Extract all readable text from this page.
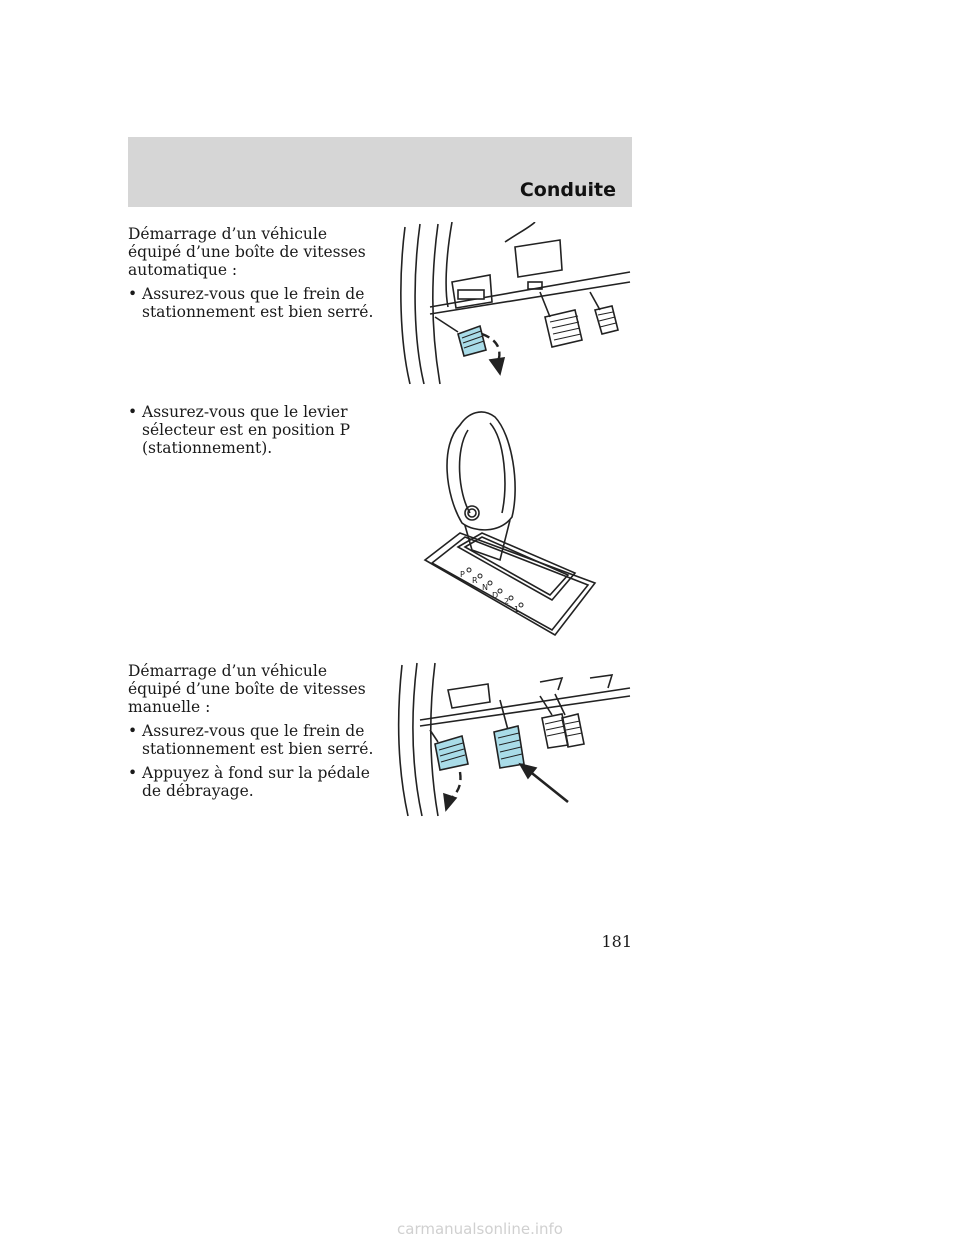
Conduite

Démarrage d’un véhicule équipé d’une boîte de vitesses automatique :

• Assurez-vous que le frein de stationnement est bien serré.
• Assurez-vous que le levier sélecteur est en position P (stationnement).

Démarrage d’un véhicule équipé d’une boîte de vitesses manuelle :

• Assurez-vous que le frein de stationnement est bien serré.
• Appuyez à fond sur la pédale de débrayage.
P
R
N
D
2
1
181
carmanualsonline.info
